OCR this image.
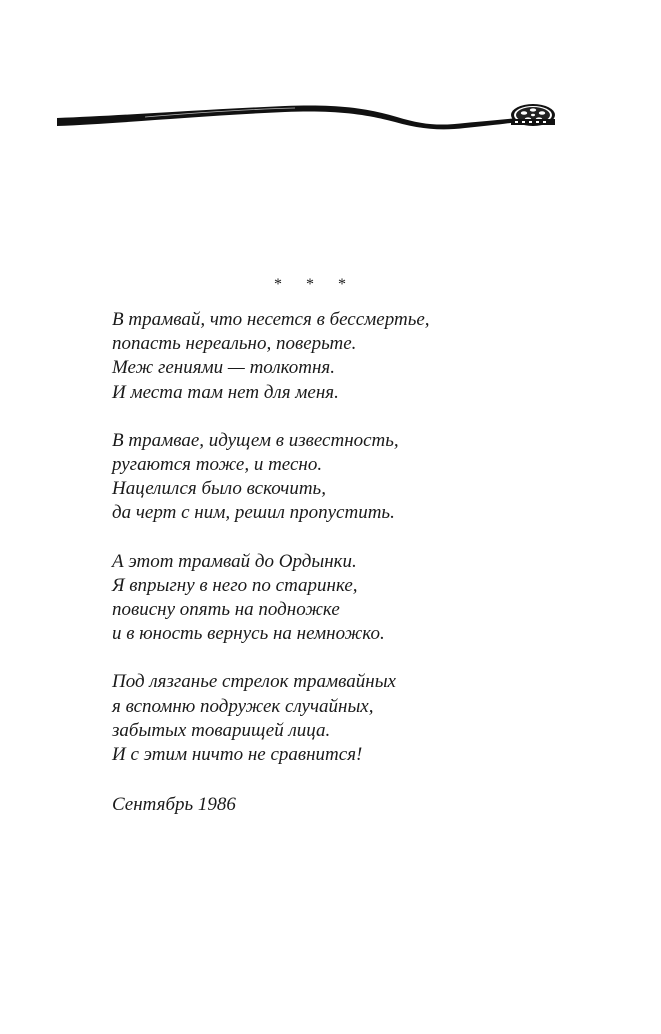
* * *
В трамвай, что несется в бессмертье,
попасть нереально, поверьте.
Меж гениями — толкотня.
И места там нет для меня.
В трамвае, идущем в известность,
ругаются тоже, и тесно.
Нацелился было вскочить,
да черт с ним, решил пропустить.
А этот трамвай до Ордынки.
Я впрыгну в него по старинке,
повисну опять на подножке
и в юность вернусь на немножко.
Под лязганье стрелок трамвайных
я вспомню подружек случайных,
забытых товарищей лица.
И с этим ничто не сравнится!
Сентябрь 1986
